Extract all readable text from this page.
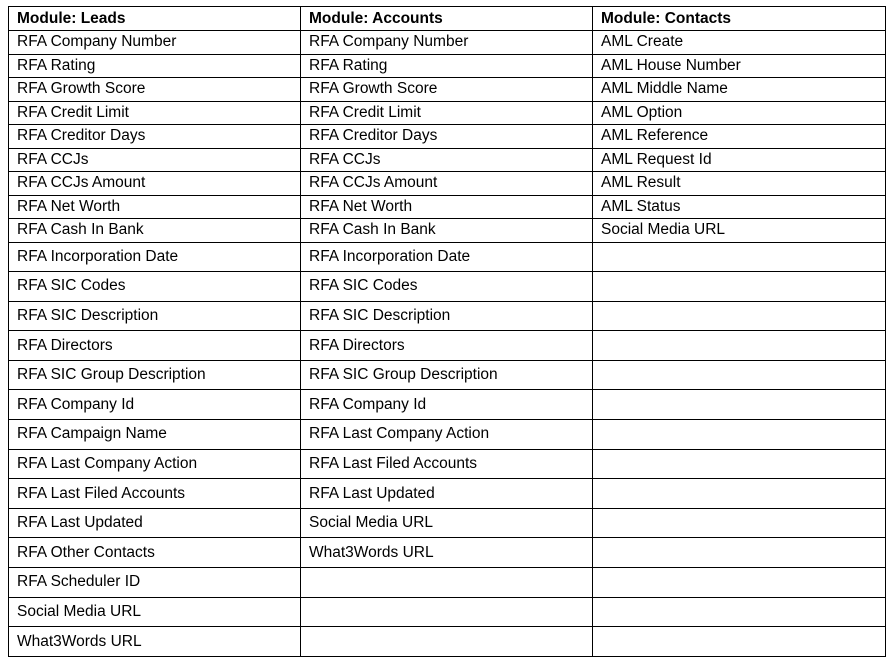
Module: Leads	Module: Accounts	Module: Contacts
RFA Company Number	RFA Company Number	AML Create
RFA Rating	RFA Rating	AML House Number
RFA Growth Score	RFA Growth Score	AML Middle Name
RFA Credit Limit	RFA Credit Limit	AML Option
RFA Creditor Days	RFA Creditor Days	AML Reference
RFA CCJs	RFA CCJs	AML Request Id
RFA CCJs Amount	RFA CCJs Amount	AML Result
RFA Net Worth	RFA Net Worth	AML Status
RFA Cash In Bank	RFA Cash In Bank	Social Media URL
RFA Incorporation Date	RFA Incorporation Date	
RFA SIC Codes	RFA SIC Codes	
RFA SIC Description	RFA SIC Description	
RFA Directors	RFA Directors	
RFA SIC Group Description	RFA SIC Group Description	
RFA Company Id	RFA Company Id	
RFA Campaign Name	RFA Last Company Action	
RFA Last Company Action	RFA Last Filed Accounts	
RFA Last Filed Accounts	RFA Last Updated	
RFA Last Updated	Social Media URL	
RFA Other Contacts	What3Words URL	
RFA Scheduler ID		
Social Media URL		
What3Words URL		
